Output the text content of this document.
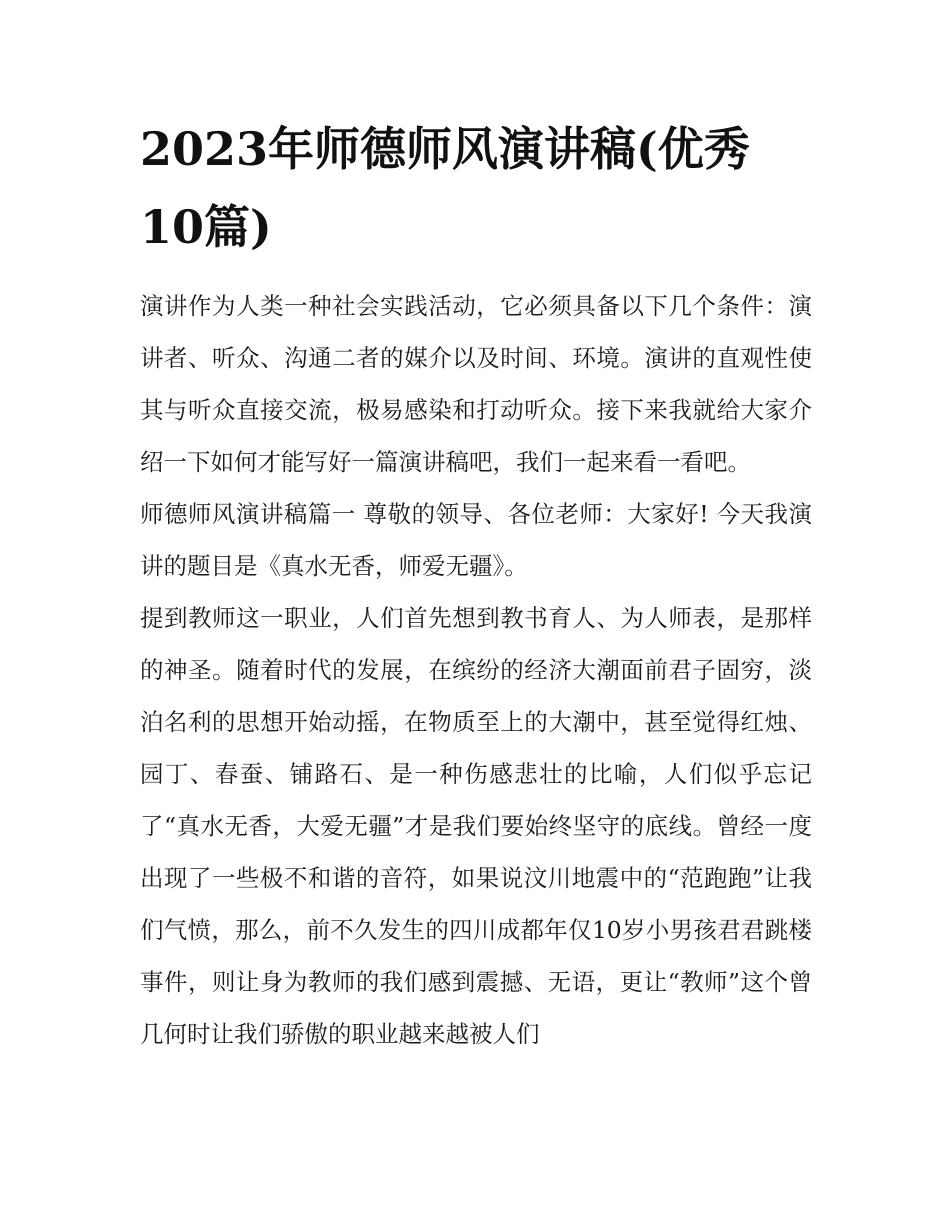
2023年师德师风演讲稿(优秀10篇)

演讲作为人类一种社会实践活动，它必须具备以下几个条件：演讲者、听众、沟通二者的媒介以及时间、环境。演讲的直观性使其与听众直接交流，极易感染和打动听众。接下来我就给大家介绍一下如何才能写好一篇演讲稿吧，我们一起来看一看吧。

师德师风演讲稿篇一 尊敬的领导、各位老师：大家好! 今天我演讲的题目是《真水无香，师爱无疆》。

提到教师这一职业，人们首先想到教书育人、为人师表，是那样的神圣。随着时代的发展，在缤纷的经济大潮面前君子固穷，淡泊名利的思想开始动摇，在物质至上的大潮中，甚至觉得红烛、园丁、春蚕、铺路石、是一种伤感悲壮的比喻，人们似乎忘记了“真水无香，大爱无疆”才是我们要始终坚守的底线。曾经一度出现了一些极不和谐的音符，如果说汶川地震中的“范跑跑”让我们气愤，那么，前不久发生的四川成都年仅10岁小男孩君君跳楼事件，则让身为教师的我们感到震撼、无语，更让“教师”这个曾几何时让我们骄傲的职业越来越被人们
